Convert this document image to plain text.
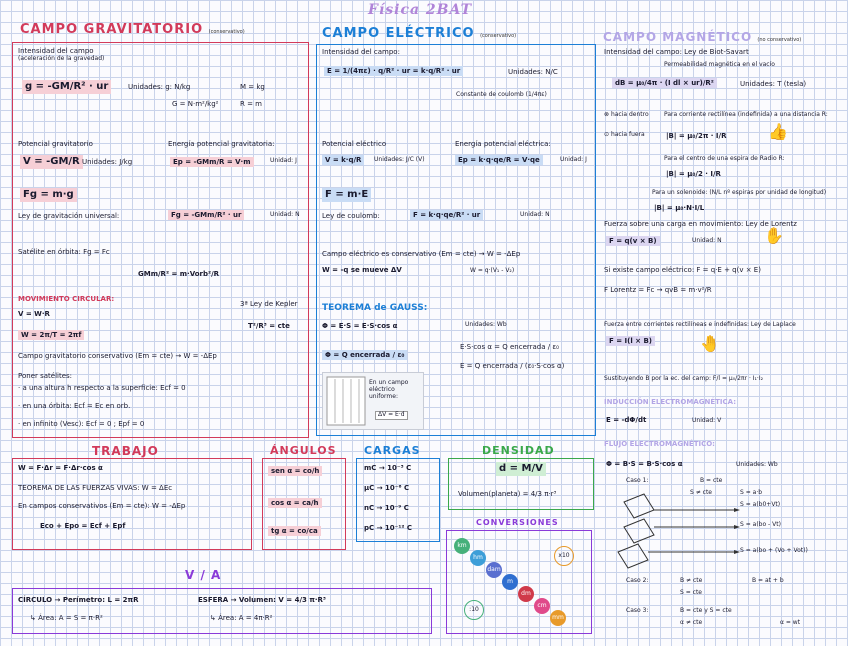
Física 2BAT
CAMPO GRAVITATORIO (conservativo)
Intensidad del campo
(aceleración de la gravedad)
g = -GM/R² · ur	Unidades: g: N/kg	M = kg
G = N·m²/kg²	R = m
Potencial gravitatorio	Energía potencial gravitatoria:
V = -GM/R Unidades: J/kg	Ep = -GMm/R = V·m	Unidad: J
Fg = m·g
Ley de gravitación universal:	Fg = -GMm/R² · ur	Unidad: N
Satélite en órbita: Fg = Fc
GMm/R² = m·Vorb²/R
3ª Ley de Kepler
T²/R³ = cte
MOVIMIENTO CIRCULAR:
V = W·R
W = 2π/T = 2πf
Campo gravitatorio conservativo (Em = cte) → W = -ΔEp
Poner satélites:
· a una altura h respecto a la superficie: Ecf = 0
· en una órbita: Ecf = Ec en orb.
· en infinito (Vesc): Ecf = 0 ; Epf = 0
CAMPO ELÉCTRICO (conservativo)
Intensidad del campo:
E = 1/(4πε) · q/R² · ur = k·q/R² · ur	Unidades: N/C
Constante de coulomb (1/4πε)
Potencial eléctrico	Energía potencial eléctrica:
V = k·q/R	Unidades: J/C (V)	Ep = k·q·qe/R = V·qe	Unidad: J
F = m·E
Ley de coulomb:	F = k·q·qe/R² · ur	Unidad: N
Campo eléctrico es conservativo (Em = cte) → W = -ΔEp
W = -q se mueve ΔV	W = q·(V₁ - V₂)
TEOREMA de GAUSS:
Φ = E·S = E·S·cos α	Unidades: Wb
Φ = Q encerrada / ε₀
E·S·cos α = Q encerrada / ε₀
E = Q encerrada / (ε₀·S·cos α)
En un campo eléctrico uniforme:
ΔV = E·d
CAMPO MAGNÉTICO (no conservativo)
Intensidad del campo: Ley de Biot-Savart
Permeabilidad magnética en el vacío
dB = μ₀/4π · (I dl × ur)/R²	Unidades: T (tesla)
⊗ hacia dentro
⊙ hacia fuera
Para corriente rectilínea (indefinida) a una distancia R:
|B| = μ₀/2π · I/R	👍
Para el centro de una espira de Radio R:
|B| = μ₀/2 · I/R
Para un solenoide: (N/L nº espiras por unidad de longitud)
|B| = μ₀·N·I/L
Fuerza sobre una carga en movimiento: Ley de Lorentz
F = q(v × B)	Unidad: N	✋
Si existe campo eléctrico: F = q·E + q(v × E)
F Lorentz = Fc → qvB = m·v²/R
Fuerza entre corrientes rectilíneas e indefinidas: Ley de Laplace
F = I(l × B)	🤚
Sustituyendo B por la ec. del camp: F/l = μ₀/2πr · I₁·I₂
INDUCCIÓN ELECTROMAGNÉTICA:
E = -dΦ/dt	Unidad: V
FLUJO ELECTROMAGNÉTICO:
Φ = B·S = B·S·cos α	Unidades: Wb
Caso 1:	B = cte
S ≠ cte	S = a·b
S = a(b0+Vt)
S = a(bo - Vt)
S = a(bo + (Vo + Vot))
Caso 2:	B ≠ cte
S = cte
B = at + b
Caso 3:	B = cte y S = cte
α ≠ cte	α = wt
TRABAJO
W = F·Δr = F·Δr·cos α
TEOREMA DE LAS FUERZAS VIVAS: W = ΔEc
En campos conservativos (Em = cte): W = -ΔEp
Eco + Epo = Ecf + Epf
ÁNGULOS
sen α = co/h
cos α = ca/h
tg α = co/ca
CARGAS
mC → 10⁻³ C
μC → 10⁻⁶ C
nC → 10⁻⁹ C
pC → 10⁻¹² C
DENSIDAD
d = M/V
Volumen(planeta) = 4/3 π·r³
CONVERSIONES
km
hm
dam
m
dm
cm
mm
x10
:10
V / A
CÍRCULO → Perímetro: L = 2πR
↳ Área: A = S = π·R²
ESFERA → Volumen: V = 4/3 π·R³
↳ Área: A = 4π·R²
